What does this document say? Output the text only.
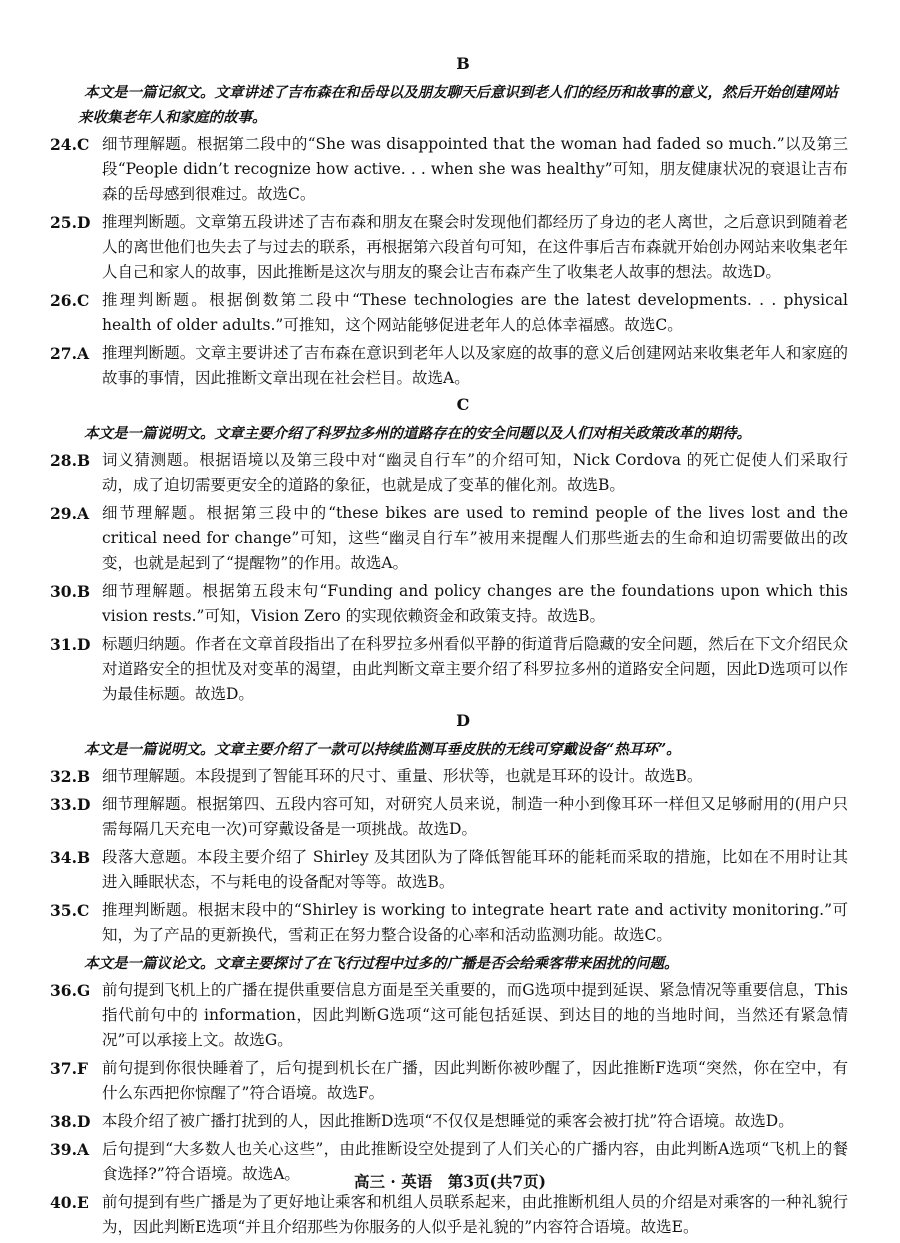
B
本文是一篇记叙文。文章讲述了吉布森在和岳母以及朋友聊天后意识到老人们的经历和故事的意义，然后开始创建网站来收集老年人和家庭的故事。
24.C 细节理解题。根据第二段中的“She was disappointed that the woman had faded so much.”以及第三段“People didn’t recognize how active. . . when she was healthy”可知，朋友健康状况的衰退让吉布森的岳母感到很难过。故选C。
25.D 推理判断题。文章第五段讲述了吉布森和朋友在聚会时发现他们都经历了身边的老人离世，之后意识到随着老人的离世他们也失去了与过去的联系，再根据第六段首句可知，在这件事后吉布森就开始创办网站来收集老年人自己和家人的故事，因此推断是这次与朋友的聚会让吉布森产生了收集老人故事的想法。故选D。
26.C 推理判断题。根据倒数第二段中“These technologies are the latest developments. . . physical health of older adults.”可推知，这个网站能够促进老年人的总体幸福感。故选C。
27.A 推理判断题。文章主要讲述了吉布森在意识到老年人以及家庭的故事的意义后创建网站来收集老年人和家庭的故事的事情，因此推断文章出现在社会栏目。故选A。
C
本文是一篇说明文。文章主要介绍了科罗拉多州的道路存在的安全问题以及人们对相关政策改革的期待。
28.B 词义猜测题。根据语境以及第三段中对“幽灵自行车”的介绍可知，Nick Cordova 的死亡促使人们采取行动，成了迫切需要更安全的道路的象征，也就是成了变革的催化剂。故选B。
29.A 细节理解题。根据第三段中的“these bikes are used to remind people of the lives lost and the critical need for change”可知，这些“幽灵自行车”被用来提醒人们那些逝去的生命和迫切需要做出的改变，也就是起到了“提醒物”的作用。故选A。
30.B 细节理解题。根据第五段末句“Funding and policy changes are the foundations upon which this vision rests.”可知，Vision Zero 的实现依赖资金和政策支持。故选B。
31.D 标题归纳题。作者在文章首段指出了在科罗拉多州看似平静的街道背后隐藏的安全问题，然后在下文介绍民众对道路安全的担忧及对变革的渴望，由此判断文章主要介绍了科罗拉多州的道路安全问题，因此D选项可以作为最佳标题。故选D。
D
本文是一篇说明文。文章主要介绍了一款可以持续监测耳垂皮肤的无线可穿戴设备“热耳环”。
32.B 细节理解题。本段提到了智能耳环的尺寸、重量、形状等，也就是耳环的设计。故选B。
33.D 细节理解题。根据第四、五段内容可知，对研究人员来说，制造一种小到像耳环一样但又足够耐用的(用户只需每隔几天充电一次)可穿戴设备是一项挑战。故选D。
34.B 段落大意题。本段主要介绍了 Shirley 及其团队为了降低智能耳环的能耗而采取的措施，比如在不用时让其进入睡眠状态，不与耗电的设备配对等等。故选B。
35.C 推理判断题。根据末段中的“Shirley is working to integrate heart rate and activity monitoring.”可知，为了产品的更新换代，雪莉正在努力整合设备的心率和活动监测功能。故选C。
本文是一篇议论文。文章主要探讨了在飞行过程中过多的广播是否会给乘客带来困扰的问题。
36.G 前句提到飞机上的广播在提供重要信息方面是至关重要的，而G选项中提到延误、紧急情况等重要信息，This 指代前句中的 information，因此判断G选项“这可能包括延误、到达目的地的当地时间，当然还有紧急情况”可以承接上文。故选G。
37.F 前句提到你很快睡着了，后句提到机长在广播，因此判断你被吵醒了，因此推断F选项“突然，你在空中，有什么东西把你惊醒了”符合语境。故选F。
38.D 本段介绍了被广播打扰到的人，因此推断D选项“不仅仅是想睡觉的乘客会被打扰”符合语境。故选D。
39.A 后句提到“大多数人也关心这些”，由此推断设空处提到了人们关心的广播内容，由此判断A选项“飞机上的餐食选择?”符合语境。故选A。
40.E 前句提到有些广播是为了更好地让乘客和机组人员联系起来，由此推断机组人员的介绍是对乘客的一种礼貌行为，因此判断E选项“并且介绍那些为你服务的人似乎是礼貌的”内容符合语境。故选E。
高三 · 英语　第3页(共7页)
